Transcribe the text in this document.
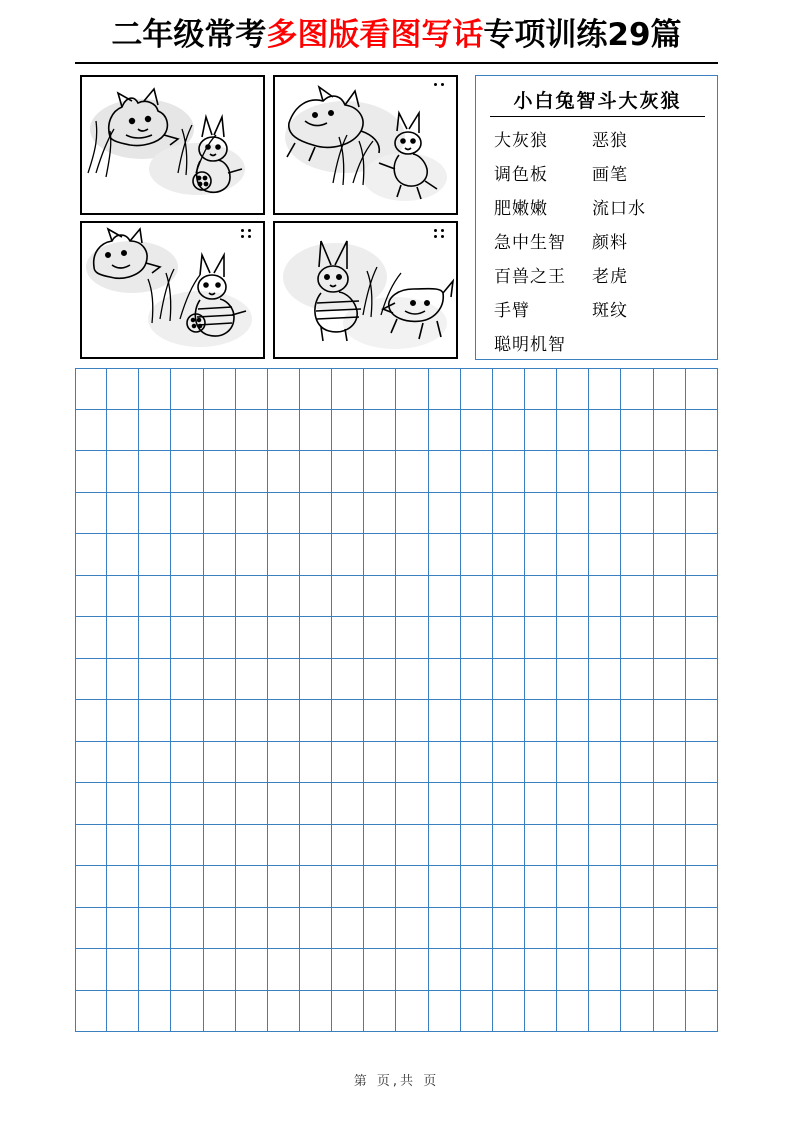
二年级常考多图版看图写话专项训练29篇
小白兔智斗大灰狼
大灰狼	恶狼
调色板	画笔
肥嫩嫩	流口水
急中生智	颜料
百兽之王	老虎
手臂	斑纹
聪明机智
第 页,共 页
